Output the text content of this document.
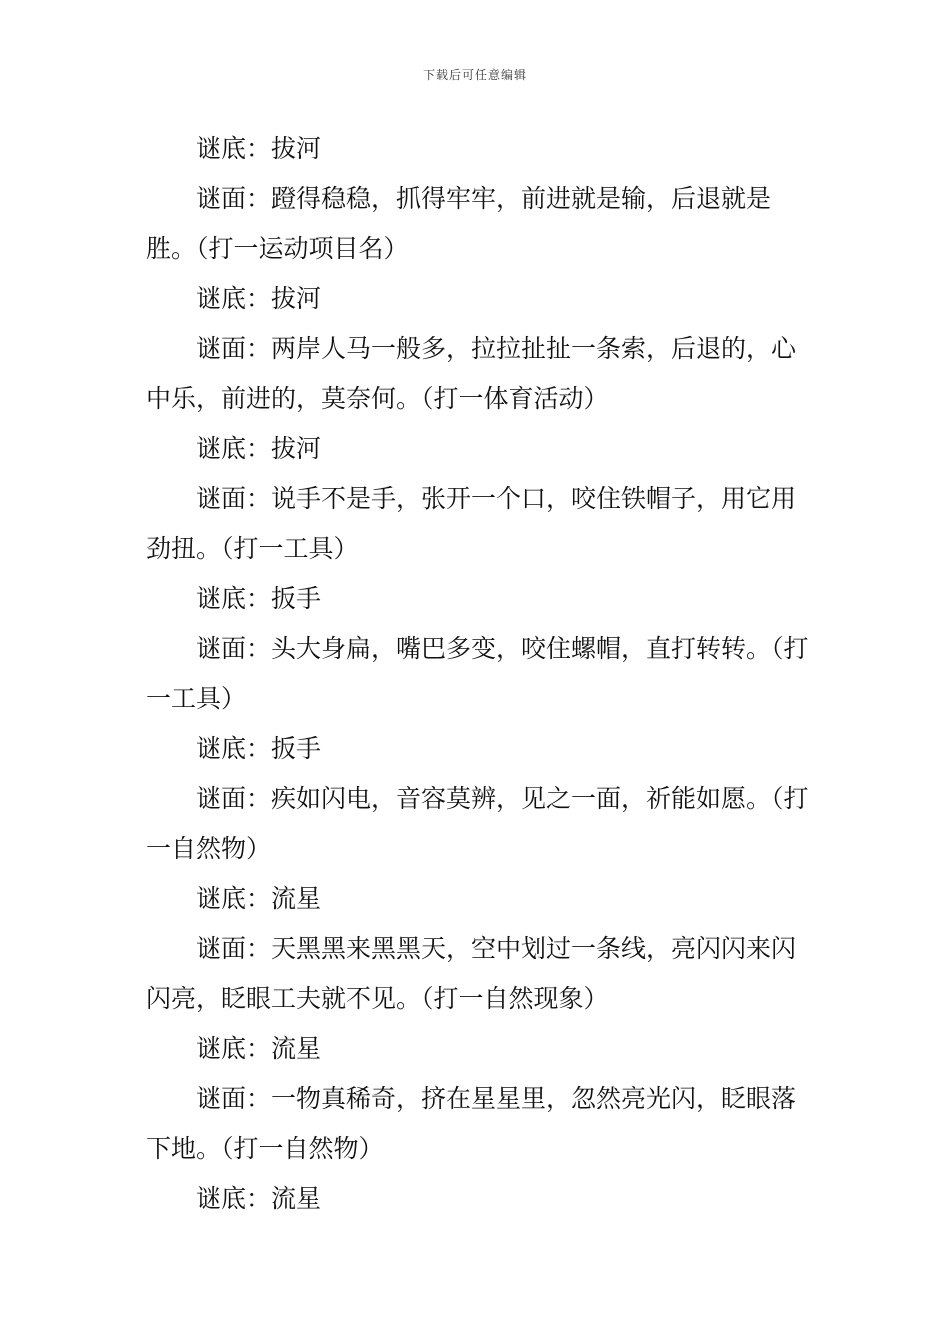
下载后可任意编辑

谜底：拔河

谜面：蹬得稳稳，抓得牢牢，前进就是输，后退就是胜。（打一运动项目名）

谜底：拔河

谜面：两岸人马一般多，拉拉扯扯一条索，后退的，心中乐，前进的，莫奈何。（打一体育活动）

谜底：拔河

谜面：说手不是手，张开一个口，咬住铁帽子，用它用劲扭。（打一工具）

谜底：扳手

谜面：头大身扁，嘴巴多变，咬住螺帽，直打转转。（打一工具）

谜底：扳手

谜面：疾如闪电，音容莫辨，见之一面，祈能如愿。（打一自然物）

谜底：流星

谜面：天黑黑来黑黑天，空中划过一条线，亮闪闪来闪闪亮，眨眼工夫就不见。（打一自然现象）

谜底：流星

谜面：一物真稀奇，挤在星星里，忽然亮光闪，眨眼落下地。（打一自然物）

谜底：流星
